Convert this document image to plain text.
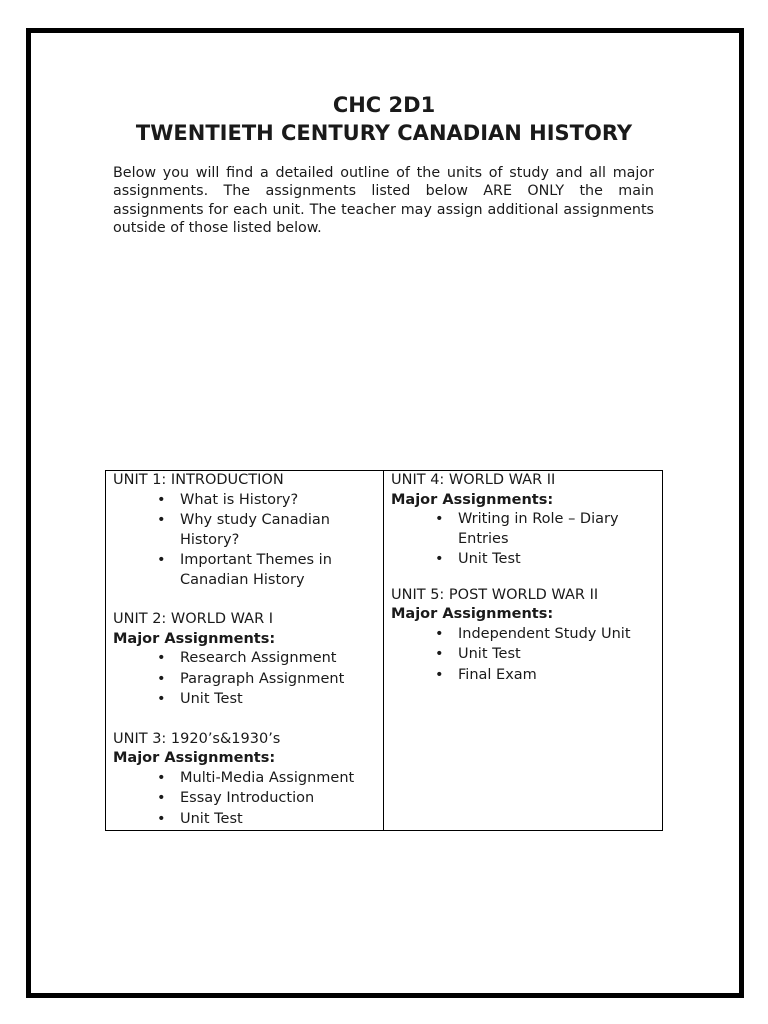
CHC 2D1
TWENTIETH CENTURY CANADIAN HISTORY

Below you will find a detailed outline of the units of study and all major assignments. The assignments listed below ARE ONLY the main assignments for each unit. The teacher may assign additional assignments outside of those listed below.

UNIT 1: INTRODUCTION
• What is History?
• Why study Canadian History?
• Important Themes in Canadian History
UNIT 2: WORLD WAR I
Major Assignments:
• Research Assignment
• Paragraph Assignment
• Unit Test
UNIT 3: 1920’s&1930’s
Major Assignments:
• Multi-Media Assignment
• Essay Introduction
• Unit Test

UNIT 4: WORLD WAR II
Major Assignments:
• Writing in Role – Diary Entries
• Unit Test
UNIT 5: POST WORLD WAR II
Major Assignments:
• Independent Study Unit
• Unit Test
• Final Exam
